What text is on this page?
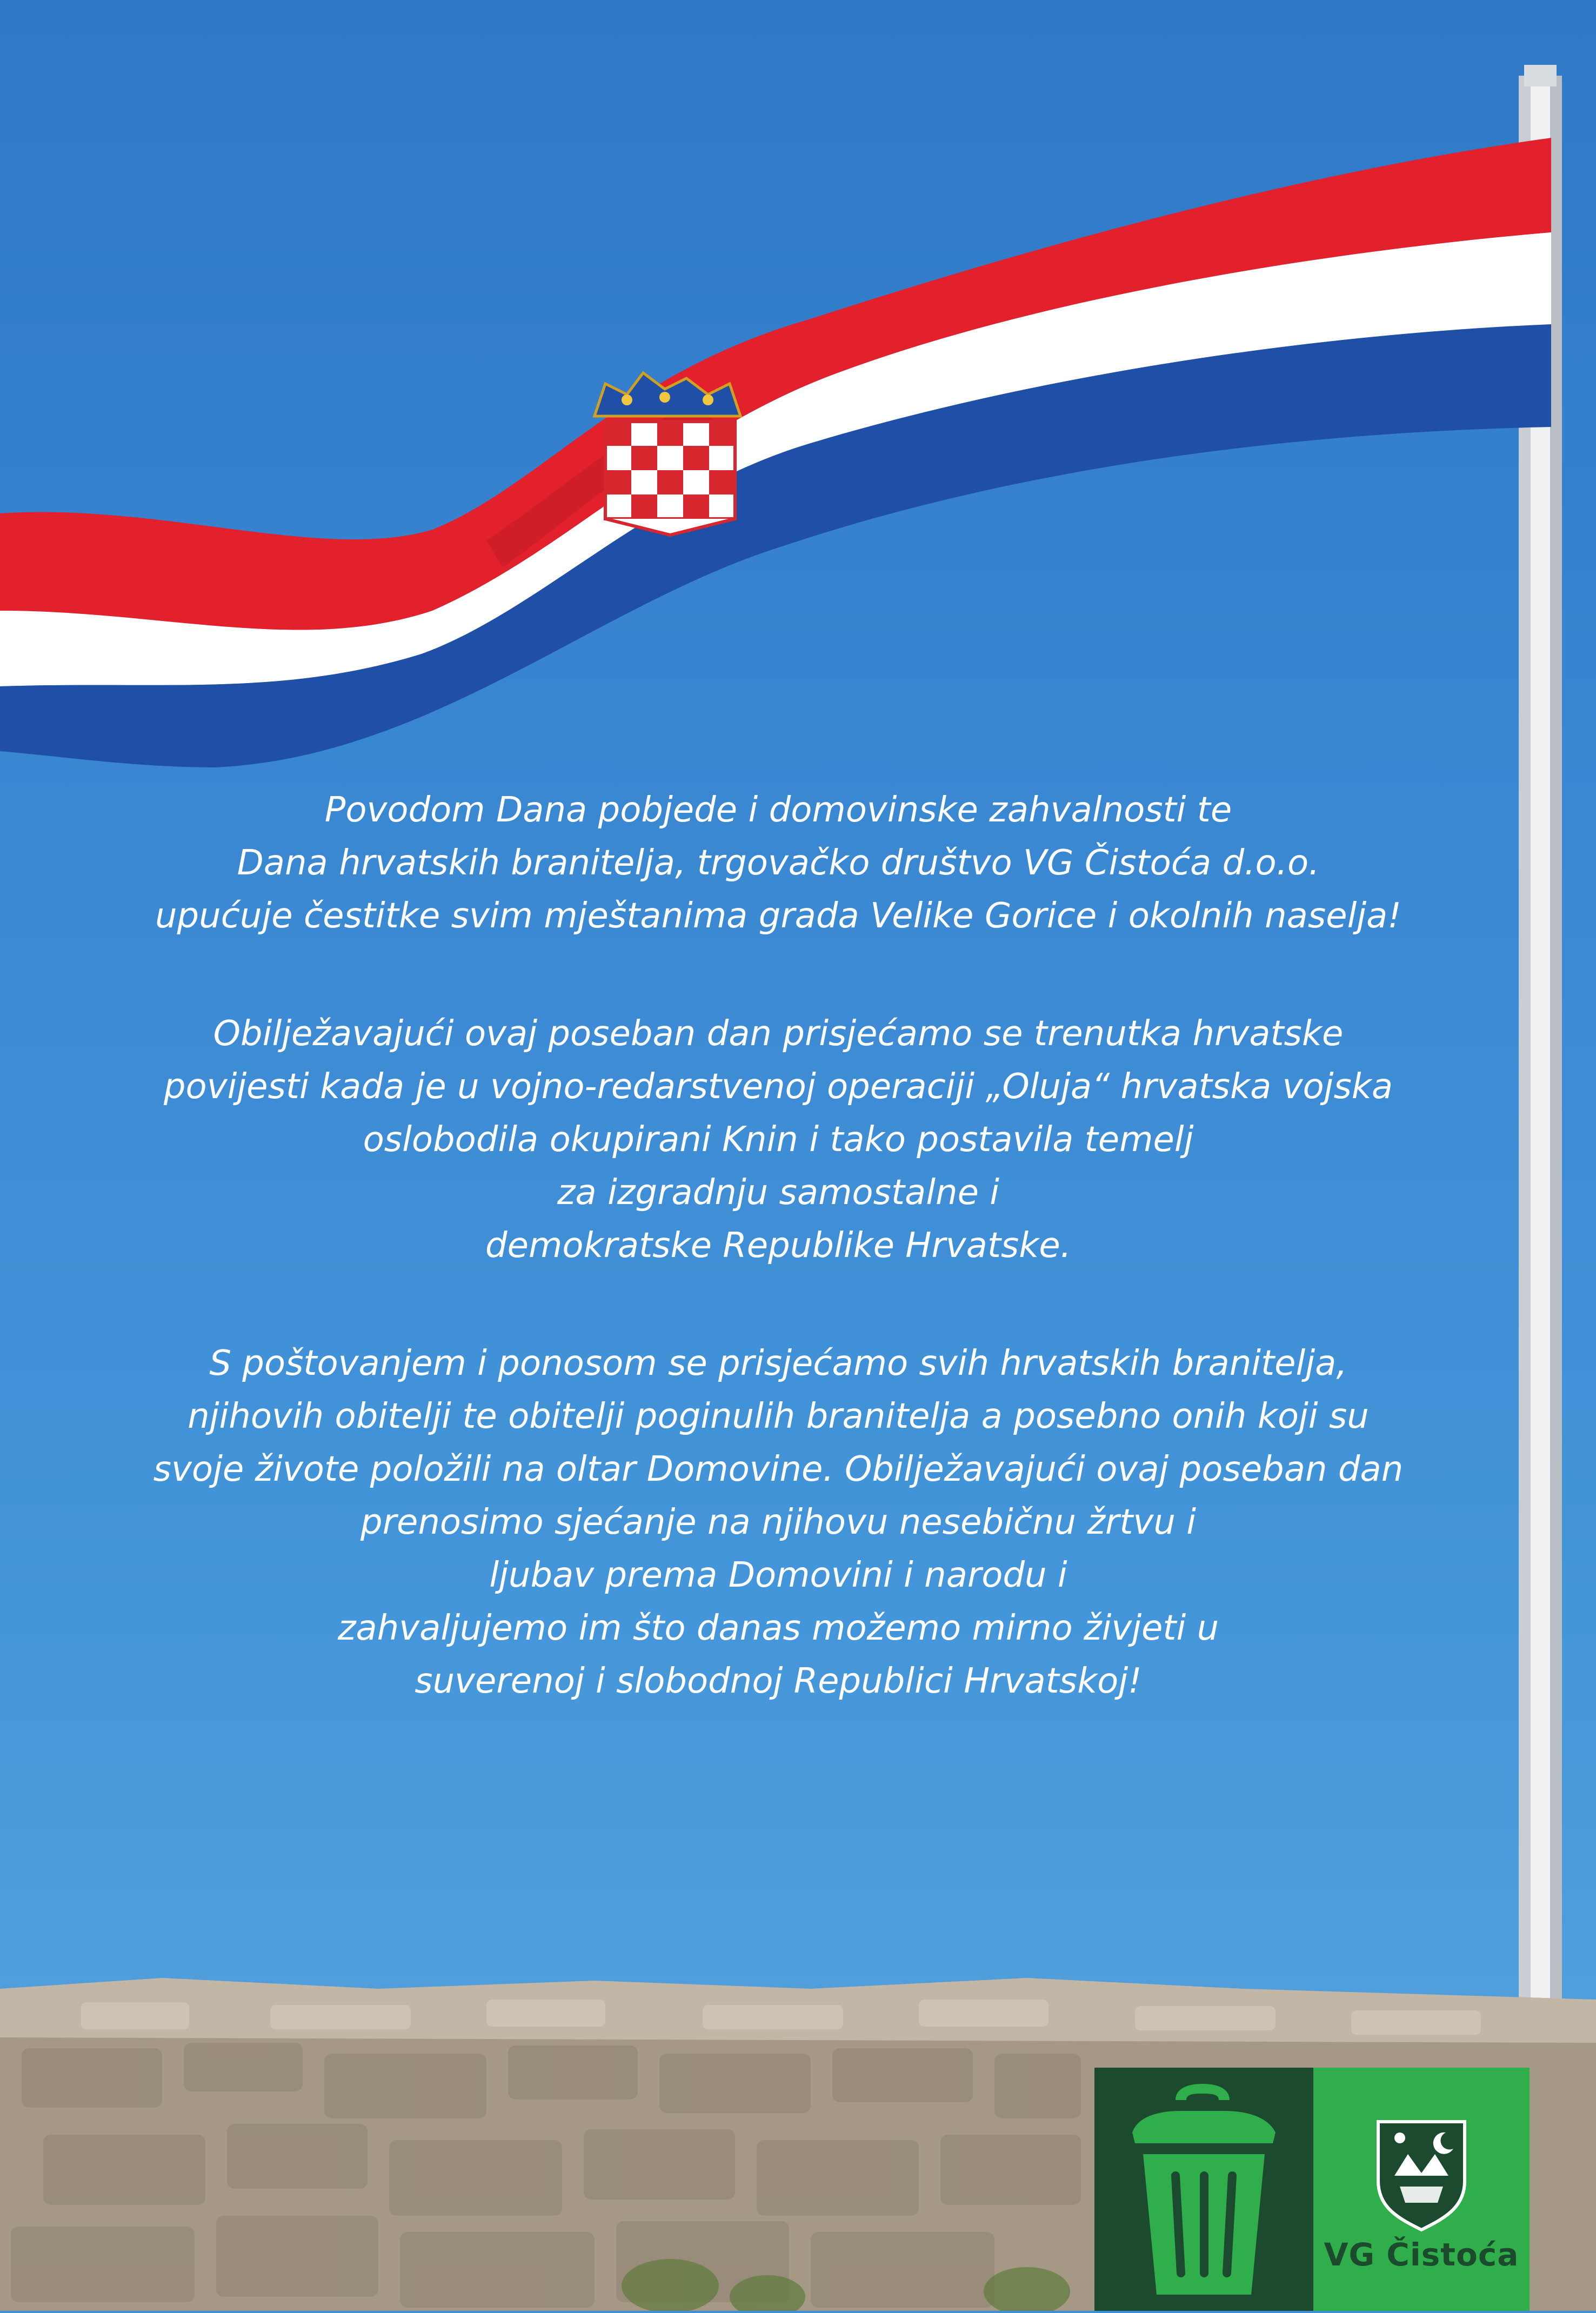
Povodom Dana pobjede i domovinske zahvalnosti te
Dana hrvatskih branitelja, trgovačko društvo VG Čistoća d.o.o.
upućuje čestitke svim mještanima grada Velike Gorice i okolnih naselja!

Obilježavajući ovaj poseban dan prisjećamo se trenutka hrvatske
povijesti kada je u vojno-redarstvenoj operaciji „Oluja“ hrvatska vojska
oslobodila okupirani Knin i tako postavila temelj
za izgradnju samostalne i
demokratske Republike Hrvatske.

S poštovanjem i ponosom se prisjećamo svih hrvatskih branitelja,
njihovih obitelji te obitelji poginulih branitelja a posebno onih koji su
svoje živote položili na oltar Domovine. Obilježavajući ovaj poseban dan
prenosimo sjećanje na njihovu nesebičnu žrtvu i
ljubav prema Domovini i narodu i
zahvaljujemo im što danas možemo mirno živjeti u
suverenoj i slobodnoj Republici Hrvatskoj!

VG Čistoća
